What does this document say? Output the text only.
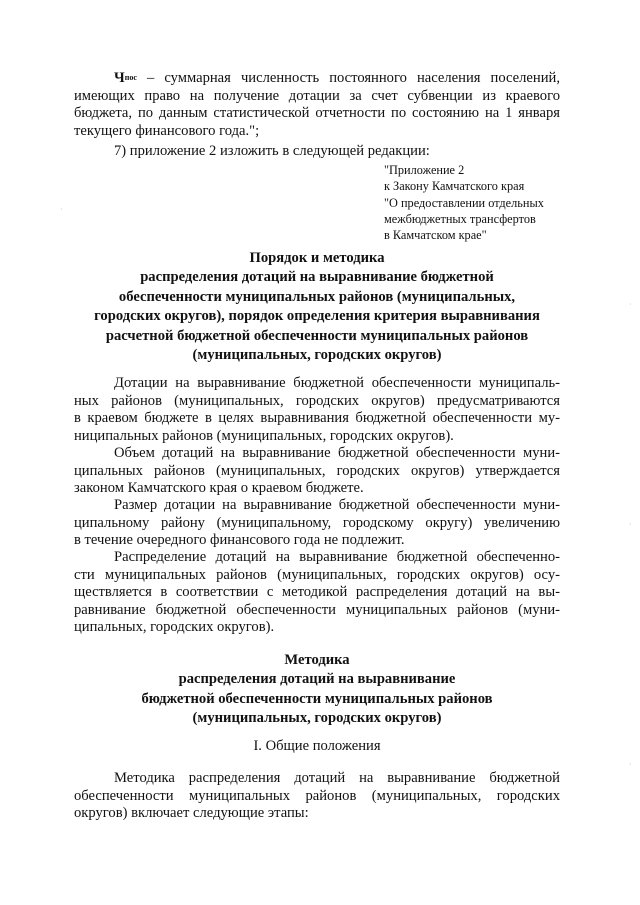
$Ч^{пос}$ – суммарная численность постоянного населения поселений,
имеющих право на получение дотации за счет субвенции из краевого
бюджета, по данным статистической отчетности по состоянию на 1 января
текущего финансового года.";
7) приложение 2 изложить в следующей редакции:
"Приложение 2
к Закону Камчатского края
"О предоставлении отдельных
межбюджетных трансфертов
в Камчатском крае"
Порядок и методика
распределения дотаций на выравнивание бюджетной
обеспеченности муниципальных районов (муниципальных,
городских округов), порядок определения критерия выравнивания
расчетной бюджетной обеспеченности муниципальных районов
(муниципальных, городских округов)
Дотации на выравнивание бюджетной обеспеченности муниципаль-
ных районов (муниципальных, городских округов) предусматриваются
в краевом бюджете в целях выравнивания бюджетной обеспеченности му-
ниципальных районов (муниципальных, городских округов).
Объем дотаций на выравнивание бюджетной обеспеченности муни-
ципальных районов (муниципальных, городских округов) утверждается
законом Камчатского края о краевом бюджете.
Размер дотации на выравнивание бюджетной обеспеченности муни-
ципальному району (муниципальному, городскому округу) увеличению
в течение очередного финансового года не подлежит.
Распределение дотаций на выравнивание бюджетной обеспеченно-
сти муниципальных районов (муниципальных, городских округов) осу-
ществляется в соответствии с методикой распределения дотаций на вы-
равнивание бюджетной обеспеченности муниципальных районов (муни-
ципальных, городских округов).
Методика
распределения дотаций на выравнивание
бюджетной обеспеченности муниципальных районов
(муниципальных, городских округов)
I. Общие положения
Методика распределения дотаций на выравнивание бюджетной
обеспеченности муниципальных районов (муниципальных, городских
округов) включает следующие этапы:
·
·
·
·
